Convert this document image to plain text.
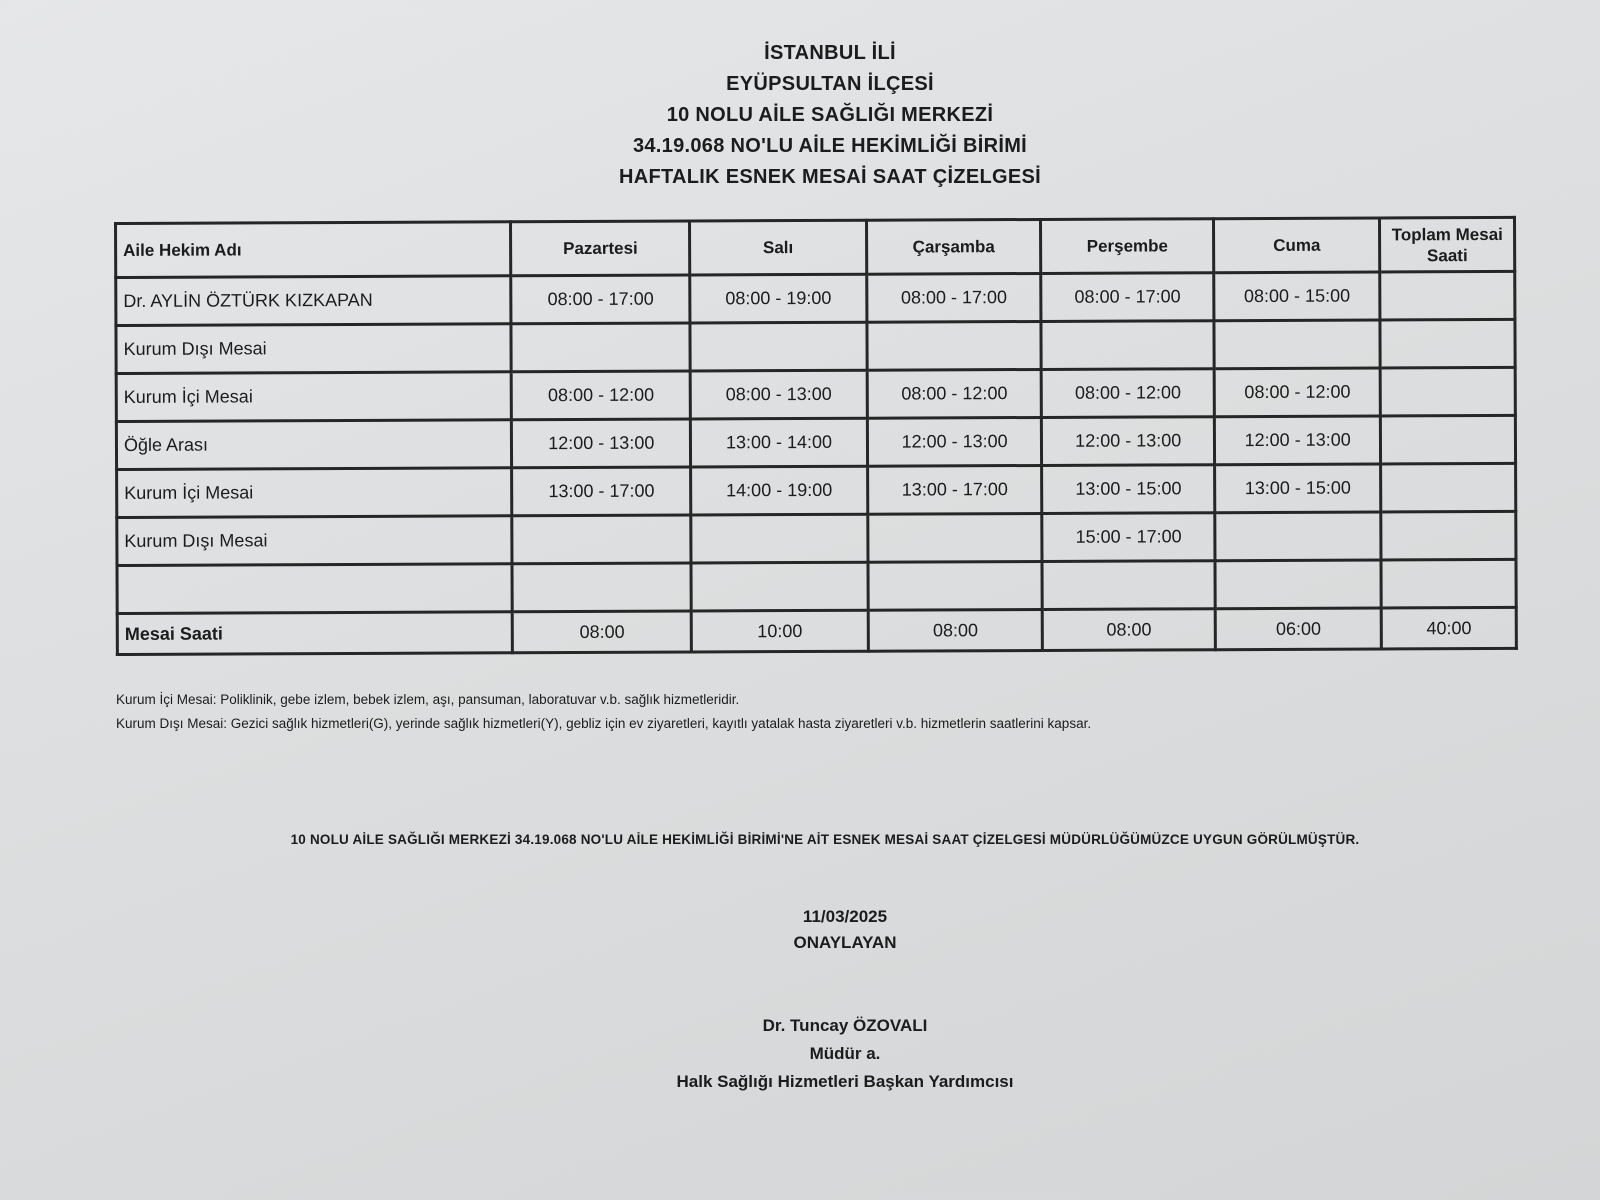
İSTANBUL İLİ
EYÜPSULTAN İLÇESİ
10 NOLU AİLE SAĞLIĞI MERKEZİ
34.19.068 NO'LU AİLE HEKİMLİĞİ BİRİMİ
HAFTALIK ESNEK MESAİ SAAT ÇİZELGESİ
Aile Hekim Adı	Pazartesi	Salı	Çarşamba	Perşembe	Cuma	Toplam Mesai Saati
Dr. AYLİN ÖZTÜRK KIZKAPAN	08:00 - 17:00	08:00 - 19:00	08:00 - 17:00	08:00 - 17:00	08:00 - 15:00	
Kurum Dışı Mesai						
Kurum İçi Mesai	08:00 - 12:00	08:00 - 13:00	08:00 - 12:00	08:00 - 12:00	08:00 - 12:00	
Öğle Arası	12:00 - 13:00	13:00 - 14:00	12:00 - 13:00	12:00 - 13:00	12:00 - 13:00	
Kurum İçi Mesai	13:00 - 17:00	14:00 - 19:00	13:00 - 17:00	13:00 - 15:00	13:00 - 15:00	
Kurum Dışı Mesai				15:00 - 17:00		

Mesai Saati	08:00	10:00	08:00	08:00	06:00	40:00
Kurum İçi Mesai: Poliklinik, gebe izlem, bebek izlem, aşı, pansuman, laboratuvar v.b. sağlık hizmetleridir.
Kurum Dışı Mesai: Gezici sağlık hizmetleri(G), yerinde sağlık hizmetleri(Y), gebliz için ev ziyaretleri, kayıtlı yatalak hasta ziyaretleri v.b. hizmetlerin saatlerini kapsar.
10 NOLU AİLE SAĞLIĞI MERKEZİ 34.19.068 NO'LU AİLE HEKİMLİĞİ BİRİMİ'NE AİT ESNEK MESAİ SAAT ÇİZELGESİ MÜDÜRLÜĞÜMÜZCE UYGUN GÖRÜLMÜŞTÜR.
11/03/2025
ONAYLAYAN
Dr. Tuncay ÖZOVALI
Müdür a.
Halk Sağlığı Hizmetleri Başkan Yardımcısı
